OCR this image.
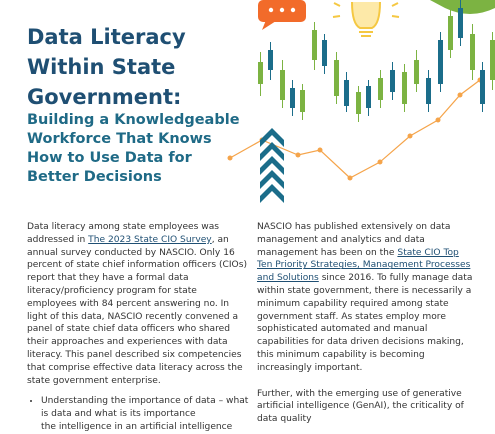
Data Literacy Within State Government:
Building a Knowledgeable Workforce That Knows How to Use Data for Better Decisions

Data literacy among state employees was addressed in The 2023 State CIO Survey, an annual survey conducted by NASCIO. Only 16 percent of state chief information officers (CIOs) report that they have a formal data literacy/proficiency program for state employees with 84 percent answering no. In light of this data, NASCIO recently convened a panel of state chief data officers who shared their approaches and experiences with data literacy. This panel described six competencies that comprise effective data literacy across the state government enterprise.

• Understanding the importance of data – what is data and what is its importance

the intelligence in an artificial intelligence

NASCIO has published extensively on data management and analytics and data management has been on the State CIO Top Ten Priority Strategies, Management Processes and Solutions since 2016. To fully manage data within state government, there is necessarily a minimum capability required among state government staff. As states employ more sophisticated automated and manual capabilities for data driven decisions making, this minimum capability is becoming increasingly important.

Further, with the emerging use of generative artificial intelligence (GenAI), the criticality of data quality
